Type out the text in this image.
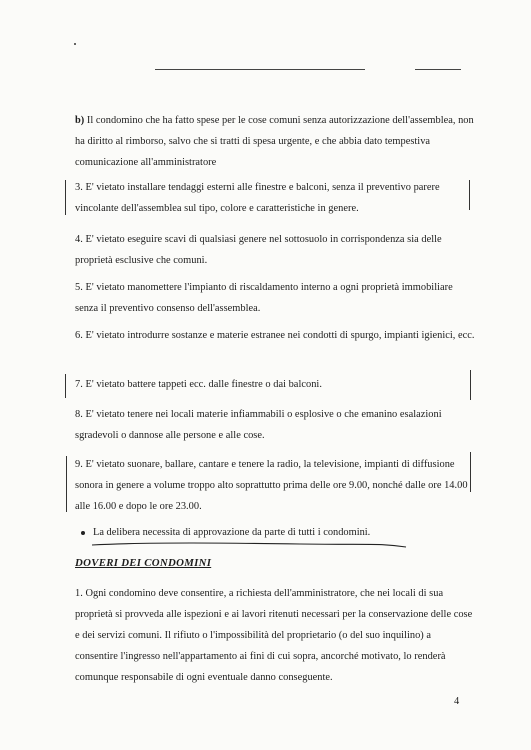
b) Il condomino che ha fatto spese per le cose comuni senza autorizzazione dell'assemblea, non ha diritto al rimborso, salvo che si tratti di spesa urgente, e che abbia dato tempestiva comunicazione all'amministratore
3. E' vietato installare tendaggi esterni alle finestre e balconi, senza il preventivo parere vincolante dell'assemblea sul tipo, colore e caratteristiche in genere.
4. E' vietato eseguire scavi di qualsiasi genere nel sottosuolo in corrispondenza sia delle proprietà esclusive che comuni.
5. E' vietato manomettere l'impianto di riscaldamento interno a ogni proprietà immobiliare senza il preventivo consenso dell'assemblea.
6. E' vietato introdurre sostanze e materie estranee nei condotti di spurgo, impianti igienici, ecc.
7. E' vietato battere tappeti ecc. dalle finestre o dai balconi.
8. E' vietato tenere nei locali materie infiammabili o esplosive o che emanino esalazioni sgradevoli o dannose alle persone e alle cose.
9. E' vietato suonare, ballare, cantare e tenere la radio, la televisione, impianti di diffusione sonora in genere a volume troppo alto soprattutto prima delle ore 9.00, nonché dalle ore 14.00 alle 16.00 e dopo le ore 23.00.
La delibera necessita di approvazione da parte di tutti i condomini.
DOVERI DEI CONDOMINI
1. Ogni condomino deve consentire, a richiesta dell'amministratore, che nei locali di sua proprietà si provveda alle ispezioni e ai lavori ritenuti necessari per la conservazione delle cose e dei servizi comuni. Il rifiuto o l'impossibilità del proprietario (o del suo inquilino) a consentire l'ingresso nell'appartamento ai fini di cui sopra, ancorché motivato, lo renderà comunque responsabile di ogni eventuale danno conseguente.
4
